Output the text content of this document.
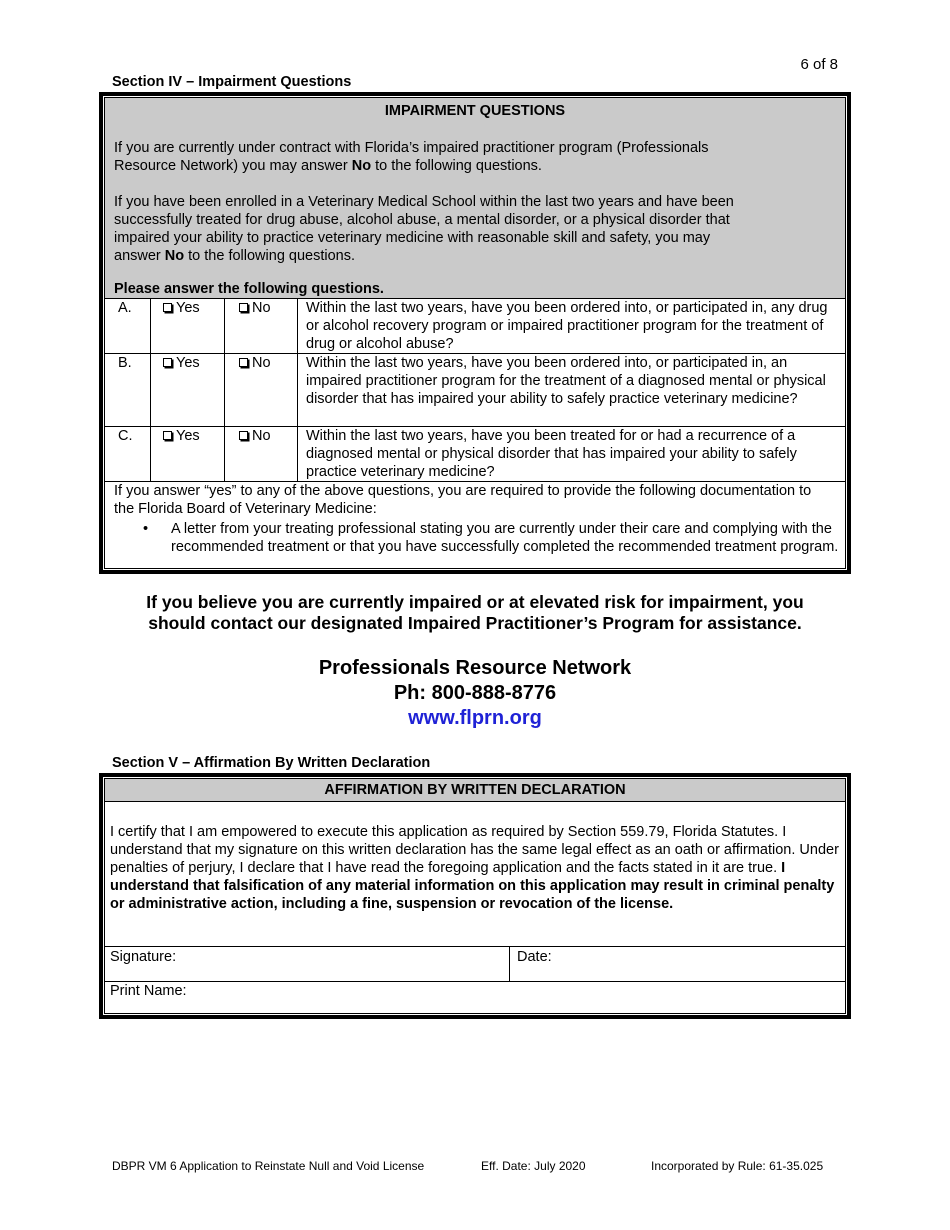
6 of 8
Section IV – Impairment Questions
IMPAIRMENT QUESTIONS
If you are currently under contract with Florida’s impaired practitioner program (Professionals Resource Network) you may answer No to the following questions.
If you have been enrolled in a Veterinary Medical School within the last two years and have been successfully treated for drug abuse, alcohol abuse, a mental disorder, or a physical disorder that impaired your ability to practice veterinary medicine with reasonable skill and safety, you may answer No to the following questions.
Please answer the following questions.
A.	Yes	No	Within the last two years, have you been ordered into, or participated in, any drug or alcohol recovery program or impaired practitioner program for the treatment of drug or alcohol abuse?
B.	Yes	No	Within the last two years, have you been ordered into, or participated in, an impaired practitioner program for the treatment of a diagnosed mental or physical disorder that has impaired your ability to safely practice veterinary medicine?
C.	Yes	No	Within the last two years, have you been treated for or had a recurrence of a diagnosed mental or physical disorder that has impaired your ability to safely practice veterinary medicine?
If you answer “yes” to any of the above questions, you are required to provide the following documentation to the Florida Board of Veterinary Medicine:
• A letter from your treating professional stating you are currently under their care and complying with the recommended treatment or that you have successfully completed the recommended treatment program.
If you believe you are currently impaired or at elevated risk for impairment, you should contact our designated Impaired Practitioner’s Program for assistance.
Professionals Resource Network
Ph: 800-888-8776
www.flprn.org
Section V – Affirmation By Written Declaration
AFFIRMATION BY WRITTEN DECLARATION
I certify that I am empowered to execute this application as required by Section 559.79, Florida Statutes. I understand that my signature on this written declaration has the same legal effect as an oath or affirmation. Under penalties of perjury, I declare that I have read the foregoing application and the facts stated in it are true. I understand that falsification of any material information on this application may result in criminal penalty or administrative action, including a fine, suspension or revocation of the license.
Signature:	Date:
Print Name:
DBPR VM 6 Application to Reinstate Null and Void License	Eff. Date: July 2020	Incorporated by Rule: 61-35.025
